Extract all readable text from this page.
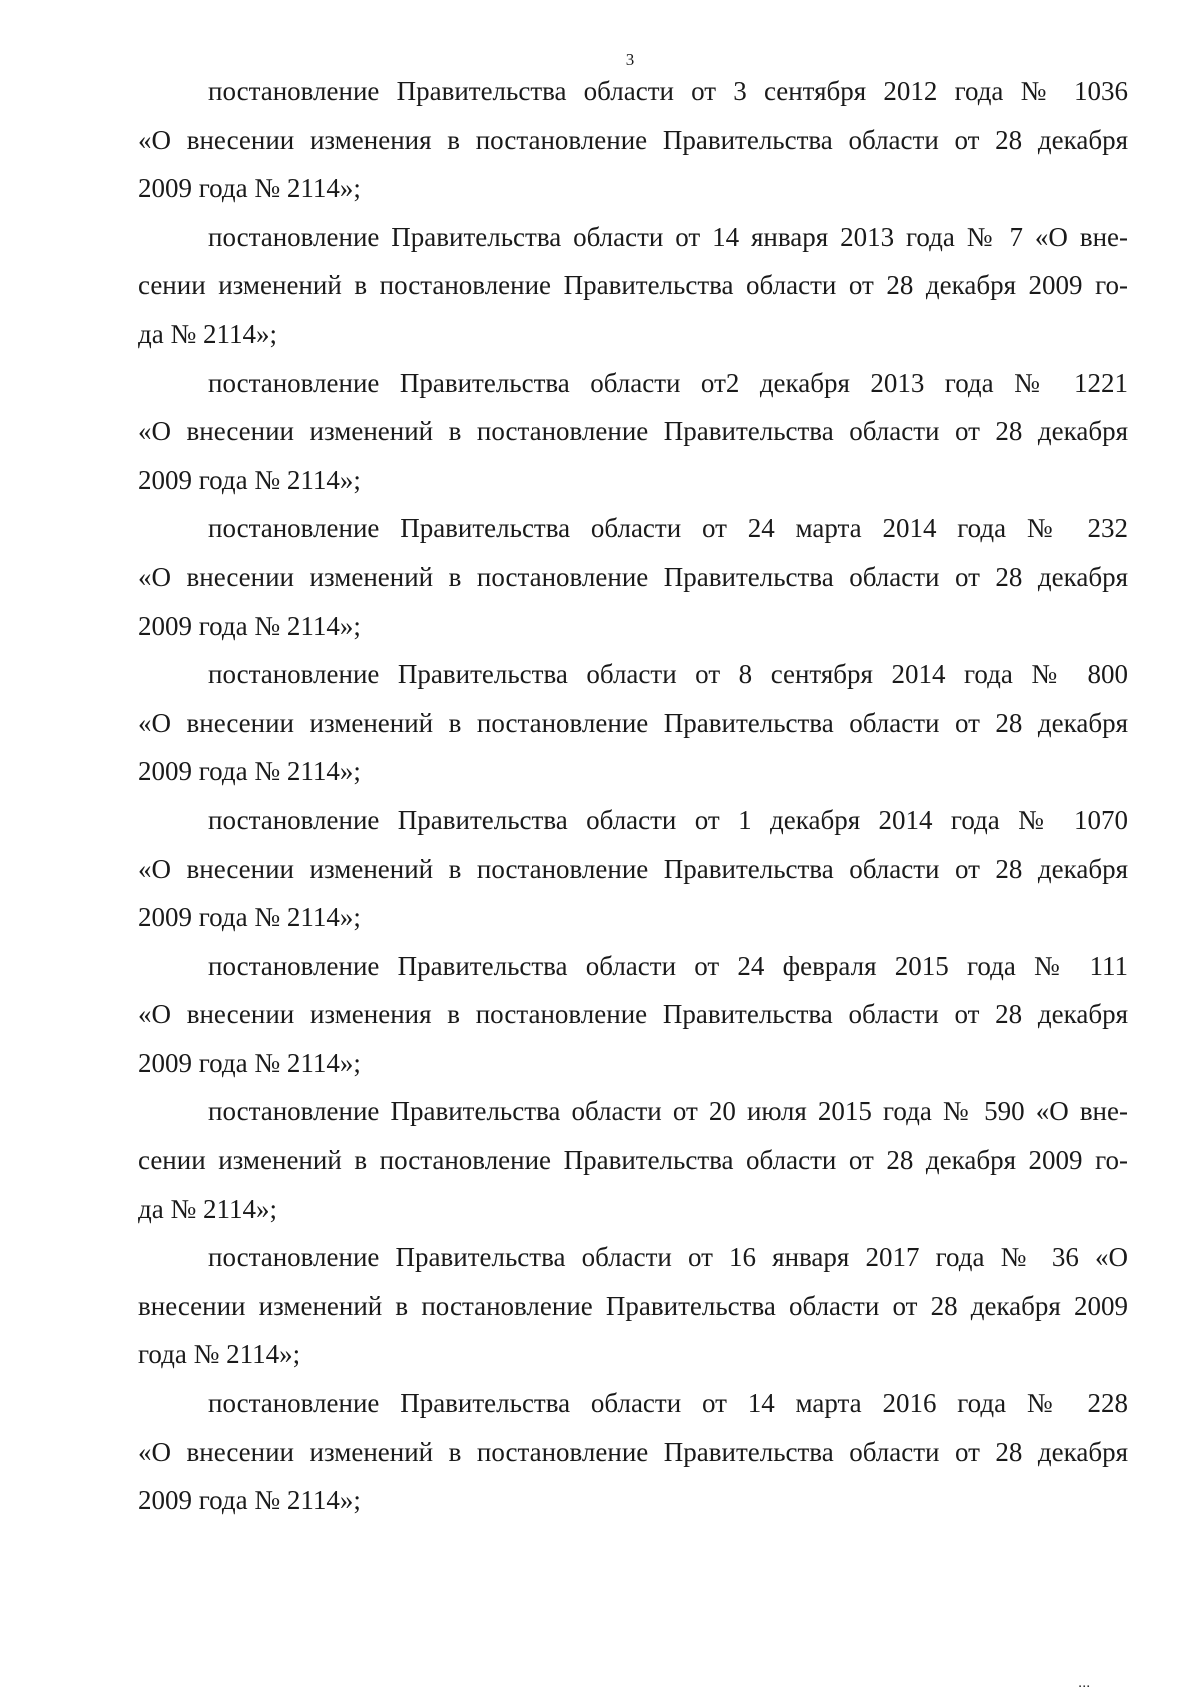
3
постановление Правительства области от 3 сентября 2012 года № 1036
«О внесении изменения в постановление Правительства области от 28 декабря
2009 года № 2114»;
постановление Правительства области от 14 января 2013 года № 7 «О вне-
сении изменений в постановление Правительства области от 28 декабря 2009 го-
да № 2114»;
постановление Правительства области от2 декабря 2013 года № 1221
«О внесении изменений в постановление Правительства области от 28 декабря
2009 года № 2114»;
постановление Правительства области от 24 марта 2014 года № 232
«О внесении изменений в постановление Правительства области от 28 декабря
2009 года № 2114»;
постановление Правительства области от 8 сентября 2014 года № 800
«О внесении изменений в постановление Правительства области от 28 декабря
2009 года № 2114»;
постановление Правительства области от 1 декабря 2014 года № 1070
«О внесении изменений в постановление Правительства области от 28 декабря
2009 года № 2114»;
постановление Правительства области от 24 февраля 2015 года № 111
«О внесении изменения в постановление Правительства области от 28 декабря
2009 года № 2114»;
постановление Правительства области от 20 июля 2015 года № 590 «О вне-
сении изменений в постановление Правительства области от 28 декабря 2009 го-
да № 2114»;
постановление Правительства области от 16 января 2017 года № 36 «О
внесении изменений в постановление Правительства области от 28 декабря 2009
года № 2114»;
постановление Правительства области от 14 марта 2016 года № 228
«О внесении изменений в постановление Правительства области от 28 декабря
2009 года № 2114»;
ᐧᐧᐧ
